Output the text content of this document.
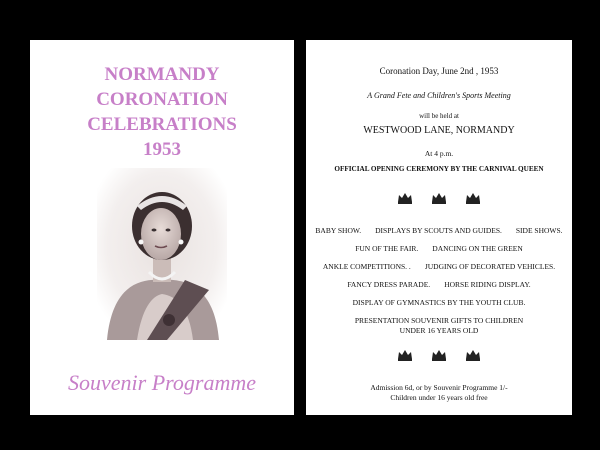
NORMANDY
CORONATION
CELEBRATIONS
1953
Souvenir Programme
Coronation Day, June 2nd , 1953
A Grand Fete and Children's Sports Meeting
will be held at
WESTWOOD LANE, NORMANDY
At 4 p.m.
OFFICIAL OPENING CEREMONY BY THE CARNIVAL QUEEN
BABY SHOW. DISPLAYS BY SCOUTS AND GUIDES. SIDE SHOWS.
FUN OF THE FAIR. DANCING ON THE GREEN
ANKLE COMPETITIONS. . JUDGING OF DECORATED VEHICLES.
FANCY DRESS PARADE. HORSE RIDING DISPLAY.
DISPLAY OF GYMNASTICS BY THE YOUTH CLUB.
PRESENTATION SOUVENIR GIFTS TO CHILDREN UNDER 16 YEARS OLD
Admission 6d, or by Souvenir Programme 1/-
Children under 16 years old free
